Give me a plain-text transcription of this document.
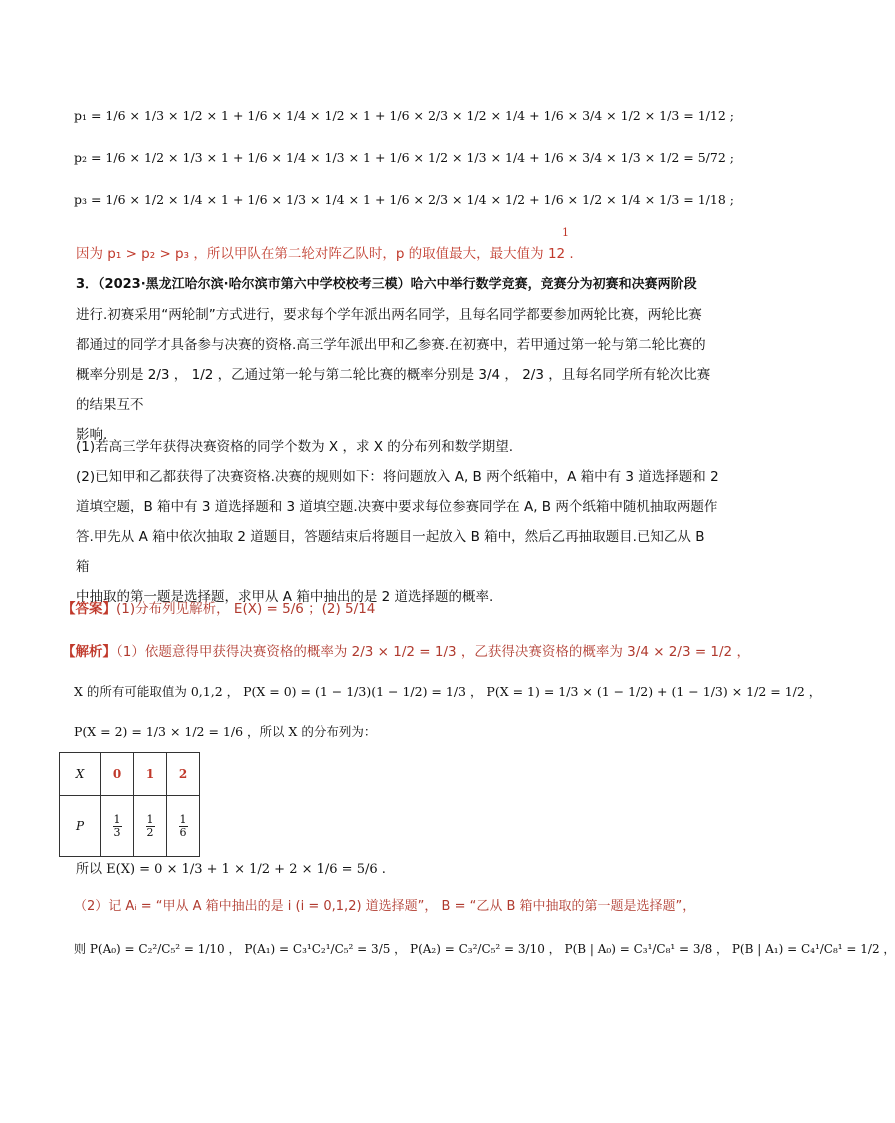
p₁ = 1/6 × 1/3 × 1/2 × 1 + 1/6 × 1/4 × 1/2 × 1 + 1/6 × 2/3 × 1/2 × 1/4 + 1/6 × 3/4 × 1/2 × 1/3 = 1/12 ;
p₂ = 1/6 × 1/2 × 1/3 × 1 + 1/6 × 1/4 × 1/3 × 1 + 1/6 × 1/2 × 1/3 × 1/4 + 1/6 × 3/4 × 1/3 × 1/2 = 5/72 ;
p₃ = 1/6 × 1/2 × 1/4 × 1 + 1/6 × 1/3 × 1/4 × 1 + 1/6 × 2/3 × 1/4 × 1/2 + 1/6 × 1/2 × 1/4 × 1/3 = 1/18 ;
1
因为 p₁ > p₂ > p₃ ，所以甲队在第二轮对阵乙队时，p 的取值最大，最大值为 12 .

3．（2023·黑龙江哈尔滨·哈尔滨市第六中学校校考三模）哈六中举行数学竞赛，竞赛分为初赛和决赛两阶段

进行.初赛采用“两轮制”方式进行，要求每个学年派出两名同学，且每名同学都要参加两轮比赛，两轮比赛

都通过的同学才具备参与决赛的资格.高三学年派出甲和乙参赛.在初赛中，若甲通过第一轮与第二轮比赛的

概率分别是 2/3 ， 1/2 ，乙通过第一轮与第二轮比赛的概率分别是 3/4 ， 2/3 ，且每名同学所有轮次比赛的结果互不

影响.

(1)若高三学年获得决赛资格的同学个数为 X ，求 X 的分布列和数学期望.

(2)已知甲和乙都获得了决赛资格.决赛的规则如下：将问题放入 A, B 两个纸箱中，A 箱中有 3 道选择题和 2

道填空题，B 箱中有 3 道选择题和 3 道填空题.决赛中要求每位参赛同学在 A, B 两个纸箱中随机抽取两题作

答.甲先从 A 箱中依次抽取 2 道题目，答题结束后将题目一起放入 B 箱中，然后乙再抽取题目.已知乙从 B 箱

中抽取的第一题是选择题，求甲从 A 箱中抽出的是 2 道选择题的概率.

【答案】(1)分布列见解析， E(X) = 5/6 ；(2) 5/14
【解析】（1）依题意得甲获得决赛资格的概率为 2/3 × 1/2 = 1/3 ，乙获得决赛资格的概率为 3/4 × 2/3 = 1/2 ，
X 的所有可能取值为 0,1,2 ， P(X = 0) = (1 − 1/3)(1 − 1/2) = 1/3 ， P(X = 1) = 1/3 × (1 − 1/2) + (1 − 1/3) × 1/2 = 1/2 ，
P(X = 2) = 1/3 × 1/2 = 1/6 ，所以 X 的分布列为：
X	0	1	2
P	$\frac{1}{3}$	$\frac{1}{2}$	$\frac{1}{6}$
所以 E(X) = 0 × 1/3 + 1 × 1/2 + 2 × 1/6 = 5/6 .
（2）记 Aᵢ = “甲从 A 箱中抽出的是 i (i = 0,1,2) 道选择题”， B = “乙从 B 箱中抽取的第一题是选择题”，
则 P(A₀) = C₂²/C₅² = 1/10 ， P(A₁) = C₃¹C₂¹/C₅² = 3/5 ， P(A₂) = C₃²/C₅² = 3/10 ， P(B | A₀) = C₃¹/C₈¹ = 3/8 ， P(B | A₁) = C₄¹/C₈¹ = 1/2 ，
